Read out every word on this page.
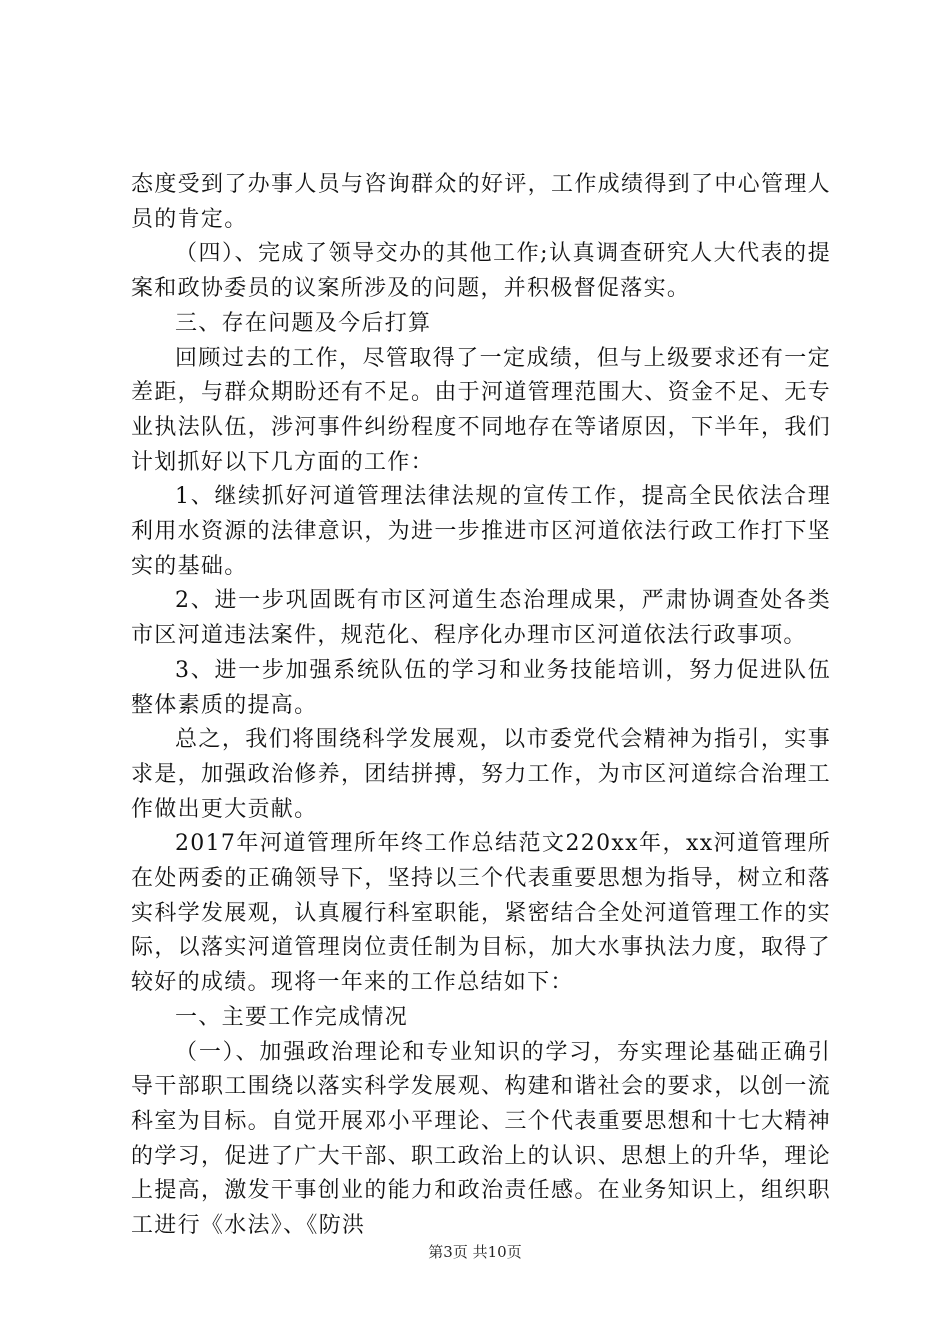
态度受到了办事人员与咨询群众的好评，工作成绩得到了中心管理人员的肯定。

（四）、完成了领导交办的其他工作;认真调查研究人大代表的提案和政协委员的议案所涉及的问题，并积极督促落实。

三、存在问题及今后打算

回顾过去的工作，尽管取得了一定成绩，但与上级要求还有一定差距，与群众期盼还有不足。由于河道管理范围大、资金不足、无专业执法队伍，涉河事件纠纷程度不同地存在等诸原因，下半年，我们计划抓好以下几方面的工作：

1、继续抓好河道管理法律法规的宣传工作，提高全民依法合理利用水资源的法律意识，为进一步推进市区河道依法行政工作打下坚实的基础。

2、进一步巩固既有市区河道生态治理成果，严肃协调查处各类市区河道违法案件，规范化、程序化办理市区河道依法行政事项。

3、进一步加强系统队伍的学习和业务技能培训，努力促进队伍整体素质的提高。

总之，我们将围绕科学发展观，以市委党代会精神为指引，实事求是，加强政治修养，团结拼搏，努力工作，为市区河道综合治理工作做出更大贡献。

2017年河道管理所年终工作总结范文220xx年，xx河道管理所在处两委的正确领导下，坚持以三个代表重要思想为指导，树立和落实科学发展观，认真履行科室职能，紧密结合全处河道管理工作的实际，以落实河道管理岗位责任制为目标，加大水事执法力度，取得了较好的成绩。现将一年来的工作总结如下：

一、主要工作完成情况

（一）、加强政治理论和专业知识的学习，夯实理论基础正确引导干部职工围绕以落实科学发展观、构建和谐社会的要求，以创一流科室为目标。自觉开展邓小平理论、三个代表重要思想和十七大精神的学习，促进了广大干部、职工政治上的认识、思想上的升华，理论上提高，激发干事创业的能力和政治责任感。在业务知识上，组织职工进行《水法》、《防洪

第3页 共10页
